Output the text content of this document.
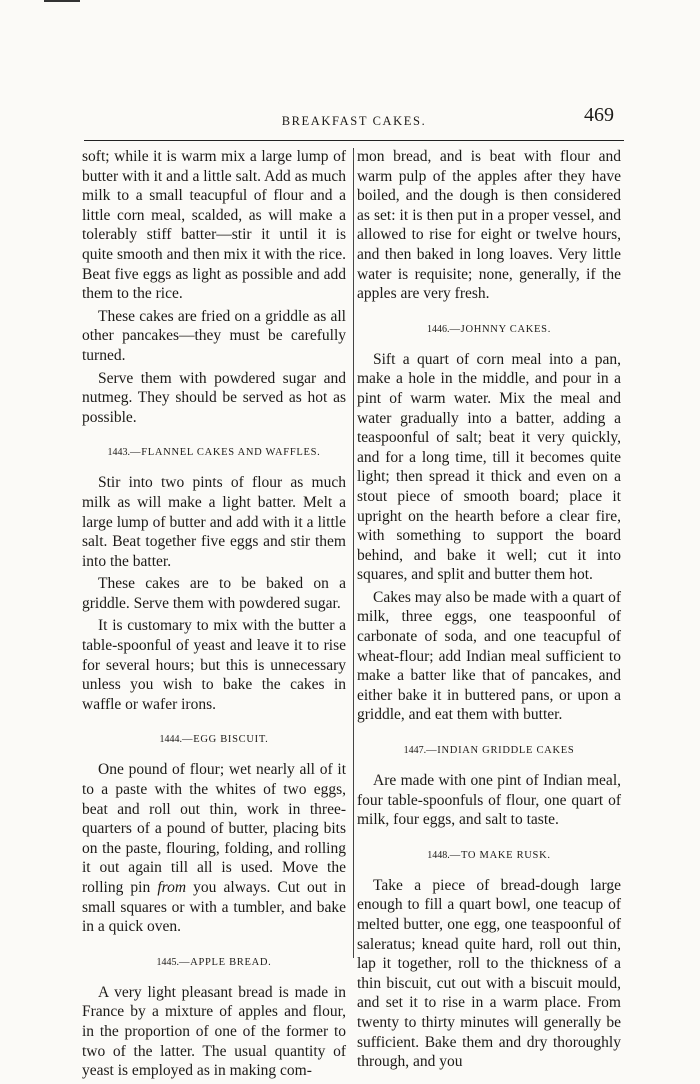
BREAKFAST CAKES.	469

soft; while it is warm mix a large lump of butter with it and a little salt. Add as much milk to a small teacupful of flour and a little corn meal, scalded, as will make a tolerably stiff batter—stir it until it is quite smooth and then mix it with the rice. Beat five eggs as light as possible and add them to the rice.

These cakes are fried on a griddle as all other pancakes—they must be carefully turned.

Serve them with powdered sugar and nutmeg. They should be served as hot as possible.

1443.—FLANNEL CAKES AND WAFFLES.

Stir into two pints of flour as much milk as will make a light batter. Melt a large lump of butter and add with it a little salt. Beat together five eggs and stir them into the batter.

These cakes are to be baked on a griddle. Serve them with powdered sugar.

It is customary to mix with the butter a table-spoonful of yeast and leave it to rise for several hours; but this is unnecessary unless you wish to bake the cakes in waffle or wafer irons.

1444.—EGG BISCUIT.

One pound of flour; wet nearly all of it to a paste with the whites of two eggs, beat and roll out thin, work in three-quarters of a pound of butter, placing bits on the paste, flouring, folding, and rolling it out again till all is used. Move the rolling pin from you always. Cut out in small squares or with a tumbler, and bake in a quick oven.

1445.—APPLE BREAD.

A very light pleasant bread is made in France by a mixture of apples and flour, in the proportion of one of the former to two of the latter. The usual quantity of yeast is employed as in making com-

mon bread, and is beat with flour and warm pulp of the apples after they have boiled, and the dough is then considered as set: it is then put in a proper vessel, and allowed to rise for eight or twelve hours, and then baked in long loaves. Very little water is requisite; none, generally, if the apples are very fresh.

1446.—JOHNNY CAKES.

Sift a quart of corn meal into a pan, make a hole in the middle, and pour in a pint of warm water. Mix the meal and water gradually into a batter, adding a teaspoonful of salt; beat it very quickly, and for a long time, till it becomes quite light; then spread it thick and even on a stout piece of smooth board; place it upright on the hearth before a clear fire, with something to support the board behind, and bake it well; cut it into squares, and split and butter them hot.

Cakes may also be made with a quart of milk, three eggs, one teaspoonful of carbonate of soda, and one teacupful of wheat-flour; add Indian meal sufficient to make a batter like that of pancakes, and either bake it in buttered pans, or upon a griddle, and eat them with butter.

1447.—INDIAN GRIDDLE CAKES

Are made with one pint of Indian meal, four table-spoonfuls of flour, one quart of milk, four eggs, and salt to taste.

1448.—TO MAKE RUSK.

Take a piece of bread-dough large enough to fill a quart bowl, one teacup of melted butter, one egg, one teaspoonful of saleratus; knead quite hard, roll out thin, lap it together, roll to the thickness of a thin biscuit, cut out with a biscuit mould, and set it to rise in a warm place. From twenty to thirty minutes will generally be sufficient. Bake them and dry thoroughly through, and you
